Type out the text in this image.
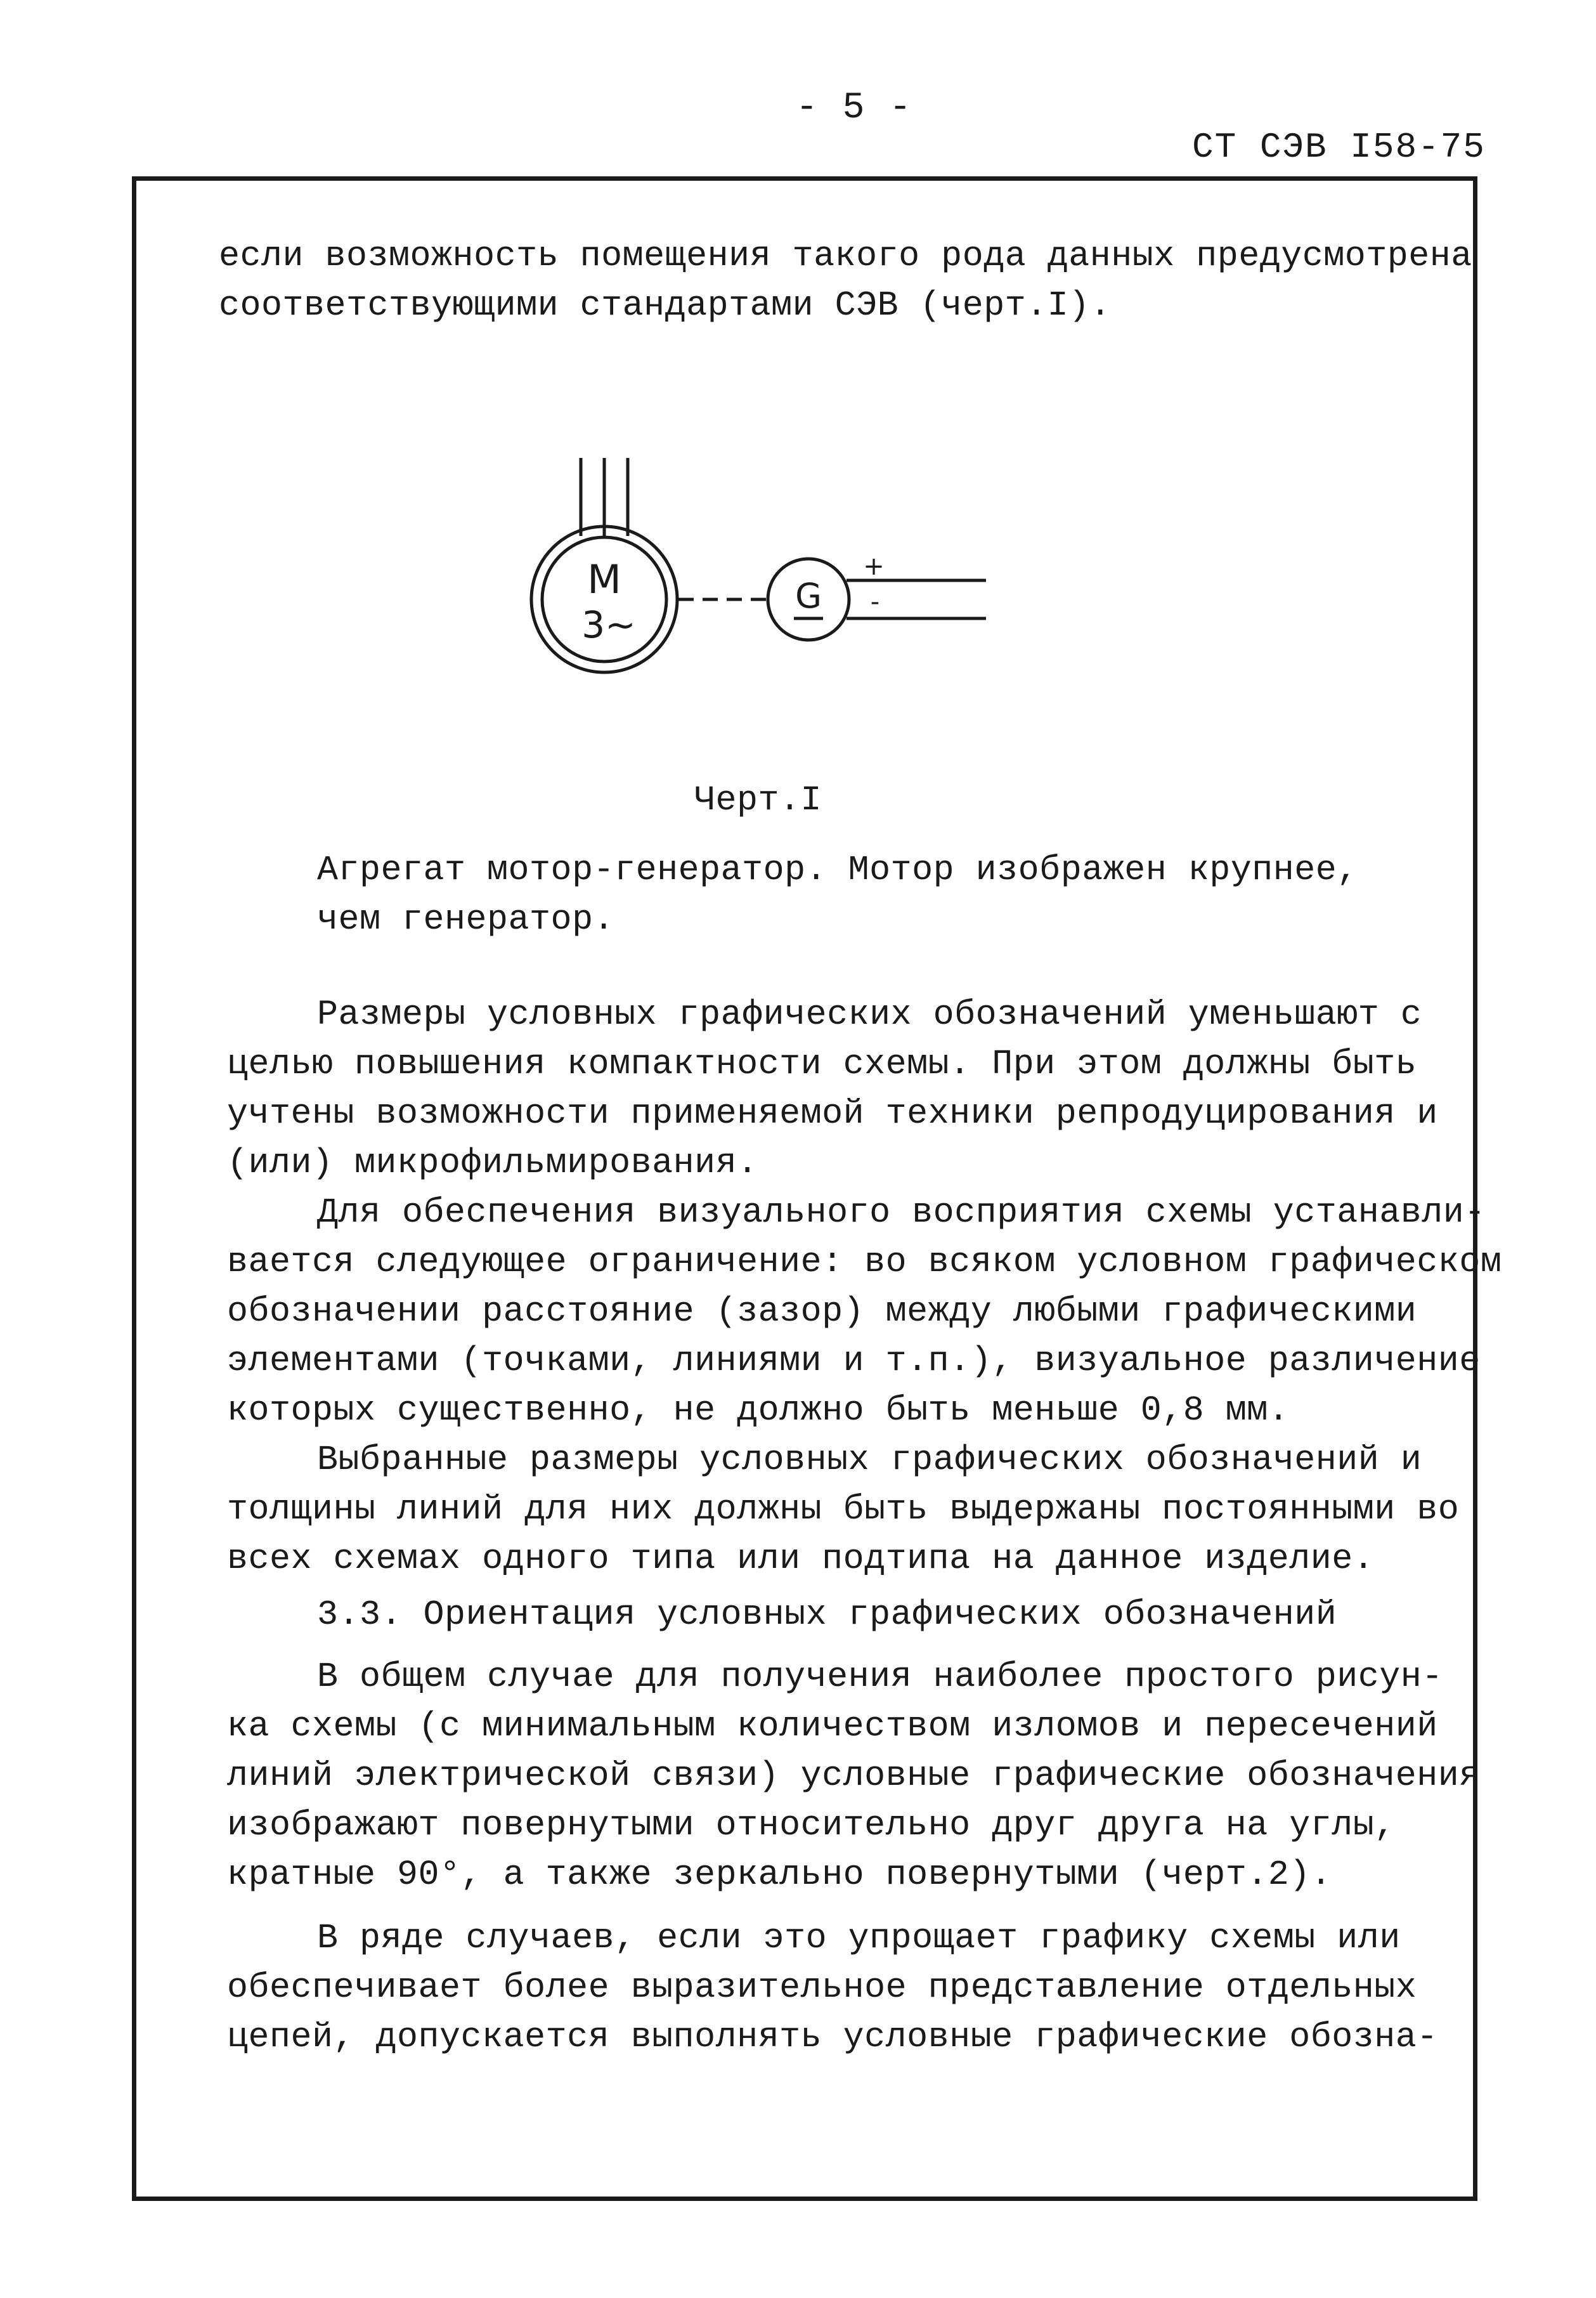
- 5 -
СТ СЭВ I58-75
если возможность помещения такого рода данных предусмотрена
соответствующими стандартами СЭВ (черт.I).
M
3~
G
+
-
Черт.I
Агрегат мотор-генератор. Мотор изображен крупнее,
чем генератор.
Размеры условных графических обозначений уменьшают с
целью повышения компактности схемы. При этом должны быть
учтены возможности применяемой техники репродуцирования и
(или) микрофильмирования.
Для обеспечения визуального восприятия схемы устанавли-
вается следующее ограничение: во всяком условном графическом
обозначении расстояние (зазор) между любыми графическими
элементами (точками, линиями и т.п.), визуальное различение
которых существенно, не должно быть меньше 0,8 мм.
Выбранные размеры условных графических обозначений и
толщины линий для них должны быть выдержаны постоянными во
всех схемах одного типа или подтипа на данное изделие.
3.3. Ориентация условных графических обозначений
В общем случае для получения наиболее простого рисун-
ка схемы (с минимальным количеством изломов и пересечений
линий электрической связи) условные графические обозначения
изображают повернутыми относительно друг друга на углы,
кратные 90°, а также зеркально повернутыми (черт.2).
В ряде случаев, если это упрощает графику схемы или
обеспечивает более выразительное представление отдельных
цепей, допускается выполнять условные графические обозна-
